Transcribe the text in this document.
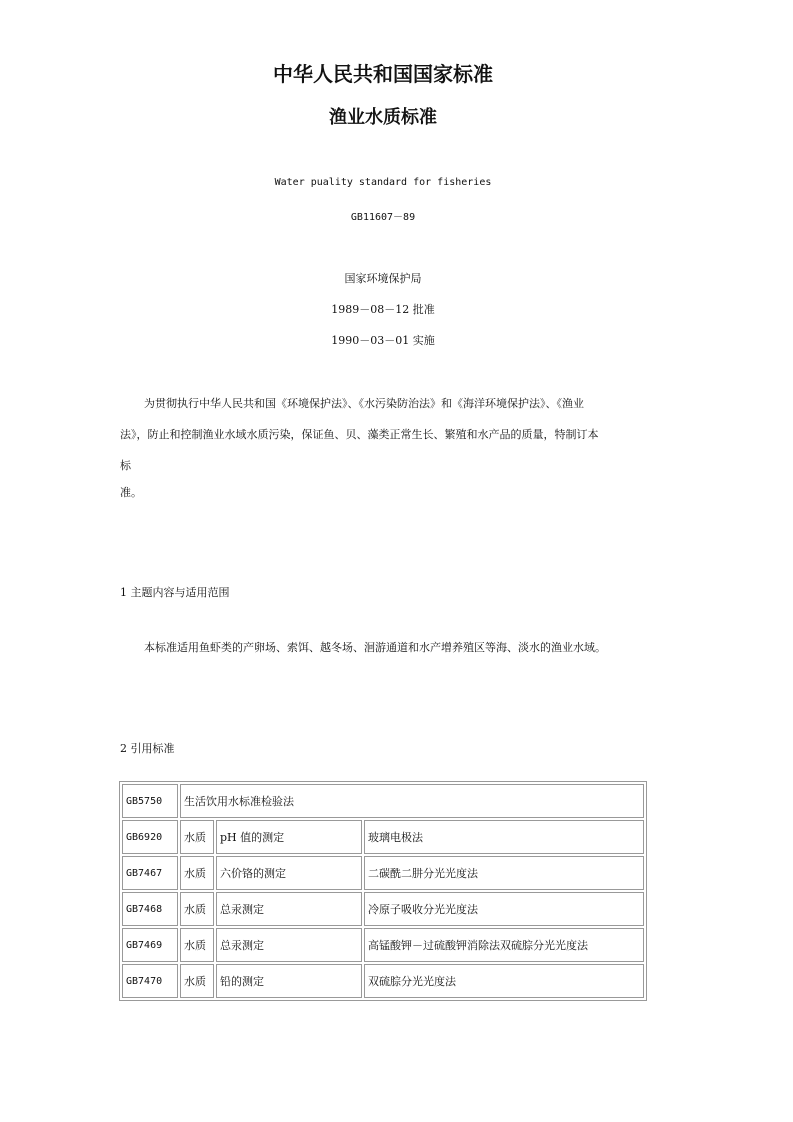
中华人民共和国国家标准
渔业水质标准
Water puality standard for fisheries
GB11607－89
国家环境保护局
1989－08－12 批准
1990－03－01 实施
为贯彻执行中华人民共和国《环境保护法》、《水污染防治法》和《海洋环境保护法》、《渔业
法》，防止和控制渔业水域水质污染，保证鱼、贝、藻类正常生长、繁殖和水产品的质量，特制订本
标
准。
1 主题内容与适用范围
本标准适用鱼虾类的产卵场、索饵、越冬场、洄游通道和水产增养殖区等海、淡水的渔业水域。
2 引用标准
GB5750	生活饮用水标准检验法		
GB6920	水质	pH 值的测定	玻璃电极法
GB7467	水质	六价铬的测定	二碳酰二肼分光光度法
GB7468	水质	总汞测定	冷原子吸收分光光度法
GB7469	水质	总汞测定	高锰酸钾－过硫酸钾消除法双硫腙分光光度法
GB7470	水质	铅的测定	双硫腙分光光度法
